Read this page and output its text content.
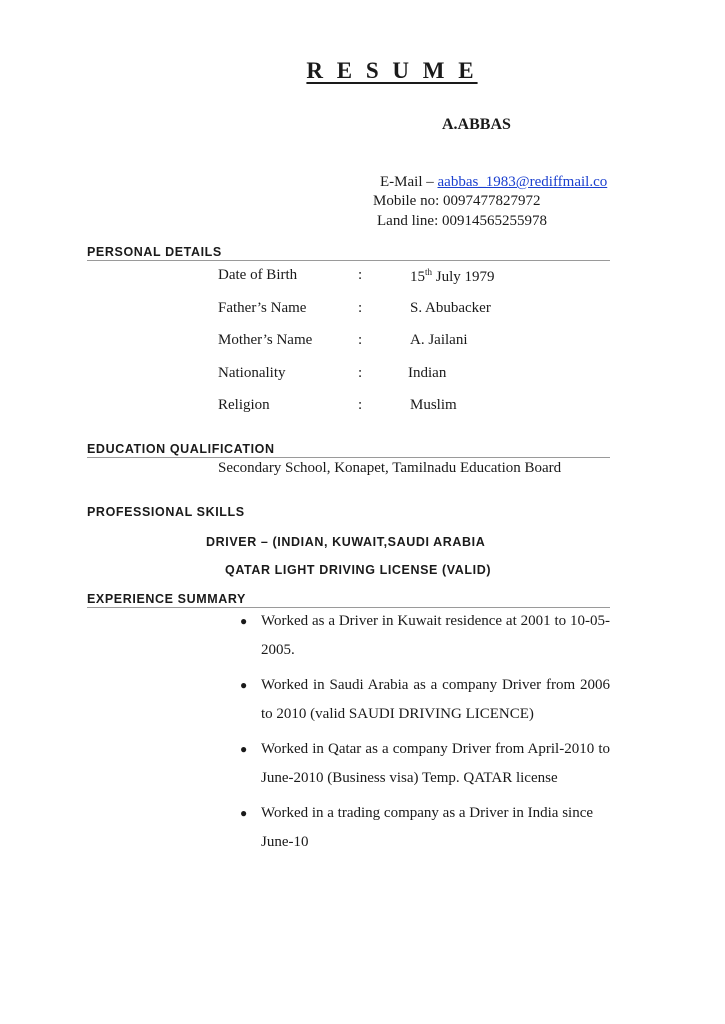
R E S U M E
A.ABBAS
E-Mail – aabbas_1983@rediffmail.co
Mobile no: 0097477827972
Land line: 00914565255978
PERSONAL DETAILS
Date of Birth	:	15th July 1979
Father’s Name	:	S. Abubacker
Mother’s Name	:	A. Jailani
Nationality	:	Indian
Religion	:	Muslim
EDUCATION QUALIFICATION
Secondary School, Konapet, Tamilnadu Education Board
PROFESSIONAL SKILLS
DRIVER – (INDIAN, KUWAIT,SAUDI ARABIA
QATAR LIGHT DRIVING LICENSE (VALID)
EXPERIENCE SUMMARY
● Worked as a Driver in Kuwait residence at 2001 to 10-05-2005.
● Worked in Saudi Arabia as a company Driver from 2006 to 2010 (valid SAUDI DRIVING LICENCE)
● Worked in Qatar as a company Driver from April-2010 to June-2010 (Business visa) Temp. QATAR license
● Worked in a trading company as a Driver in India since June-10
